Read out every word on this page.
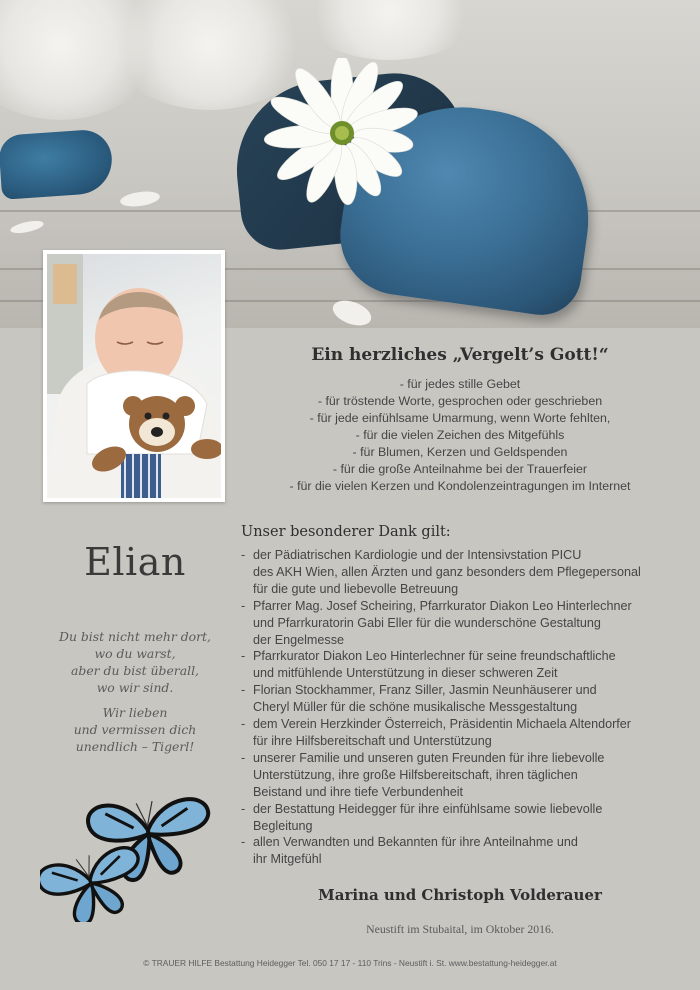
Ein herzliches „Vergelt’s Gott!“
- für jedes stille Gebet
- für tröstende Worte, gesprochen oder geschrieben
- für jede einfühlsame Umarmung, wenn Worte fehlten,
- für die vielen Zeichen des Mitgefühls
- für Blumen, Kerzen und Geldspenden
- für die große Anteilnahme bei der Trauerfeier
- für die vielen Kerzen und Kondolenzeintragungen im Internet
Unser besonderer Dank gilt:
- der Pädiatrischen Kardiologie und der Intensivstation PICU
des AKH Wien, allen Ärzten und ganz besonders dem Pflegepersonal
für die gute und liebevolle Betreuung
- Pfarrer Mag. Josef Scheiring, Pfarrkurator Diakon Leo Hinterlechner
und Pfarrkuratorin Gabi Eller für die wunderschöne Gestaltung
der Engelmesse
- Pfarrkurator Diakon Leo Hinterlechner für seine freundschaftliche
und mitfühlende Unterstützung in dieser schweren Zeit
- Florian Stockhammer, Franz Siller, Jasmin Neunhäuserer und
Cheryl Müller für die schöne musikalische Messgestaltung
- dem Verein Herzkinder Österreich, Präsidentin Michaela Altendorfer
für ihre Hilfsbereitschaft und Unterstützung
- unserer Familie und unseren guten Freunden für ihre liebevolle
Unterstützung, ihre große Hilfsbereitschaft, ihren täglichen
Beistand und ihre tiefe Verbundenheit
- der Bestattung Heidegger für ihre einfühlsame sowie liebevolle
Begleitung
- allen Verwandten und Bekannten für ihre Anteilnahme und
ihr Mitgefühl
Elian
Du bist nicht mehr dort,
wo du warst,
aber du bist überall,
wo wir sind.
Wir lieben
und vermissen dich
unendlich – Tigerl!
Marina und Christoph Volderauer
Neustift im Stubaital, im Oktober 2016.
© TRAUER HILFE Bestattung Heidegger Tel. 050 17 17 - 110 Trins - Neustift i. St. www.bestattung-heidegger.at
